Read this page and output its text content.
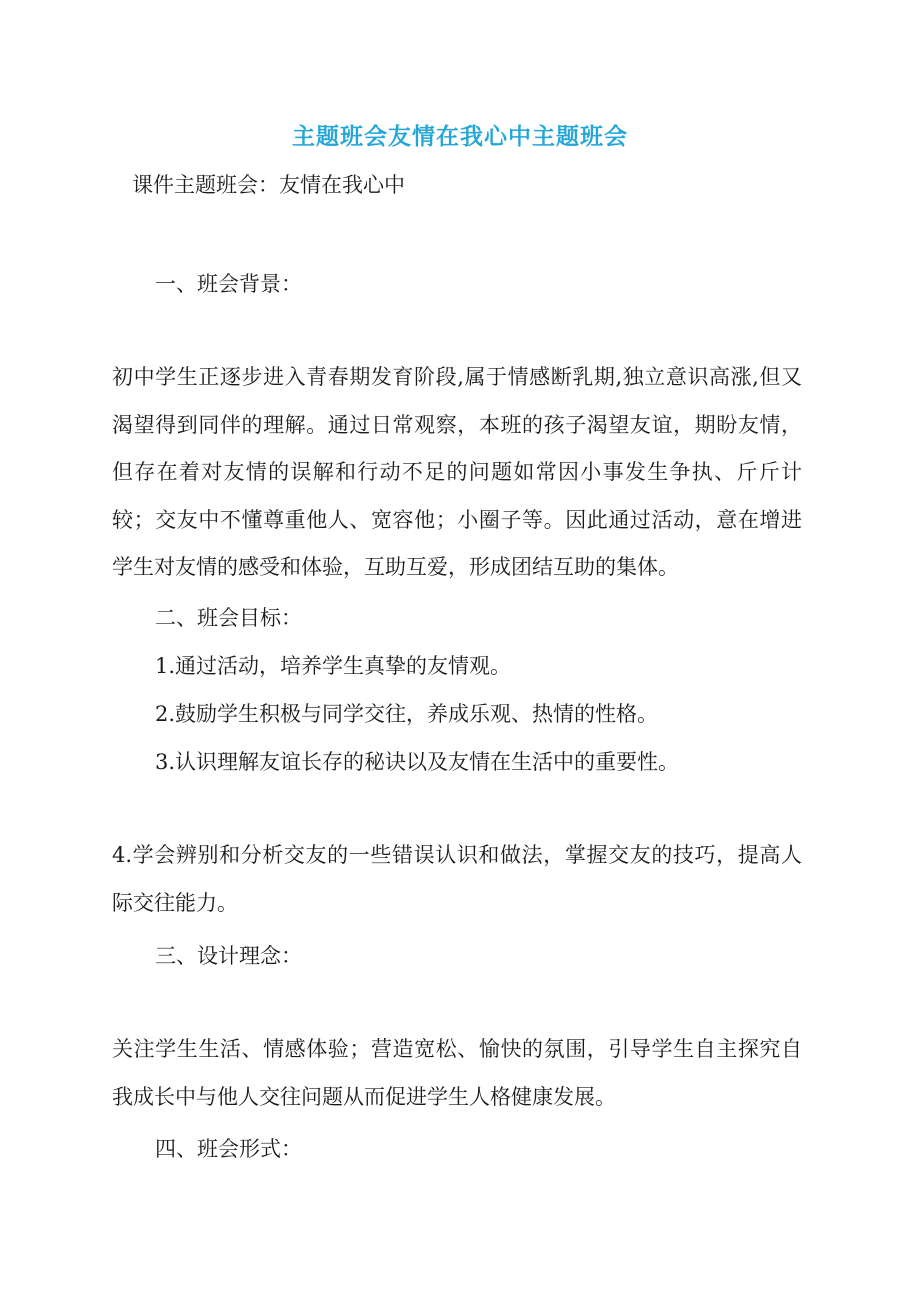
主题班会友情在我心中主题班会
课件主题班会：友情在我心中
一、班会背景：
初中学生正逐步进入青春期发育阶段,属于情感断乳期,独立意识高涨,但又渴望得到同伴的理解。通过日常观察，本班的孩子渴望友谊，期盼友情，但存在着对友情的误解和行动不足的问题如常因小事发生争执、斤斤计较；交友中不懂尊重他人、宽容他；小圈子等。因此通过活动，意在增进学生对友情的感受和体验，互助互爱，形成团结互助的集体。
二、班会目标：
1.通过活动，培养学生真挚的友情观。
2.鼓励学生积极与同学交往，养成乐观、热情的性格。
3.认识理解友谊长存的秘诀以及友情在生活中的重要性。
4.学会辨别和分析交友的一些错误认识和做法，掌握交友的技巧，提高人际交往能力。
三、设计理念：
关注学生生活、情感体验；营造宽松、愉快的氛围，引导学生自主探究自我成长中与他人交往问题从而促进学生人格健康发展。
四、班会形式：
